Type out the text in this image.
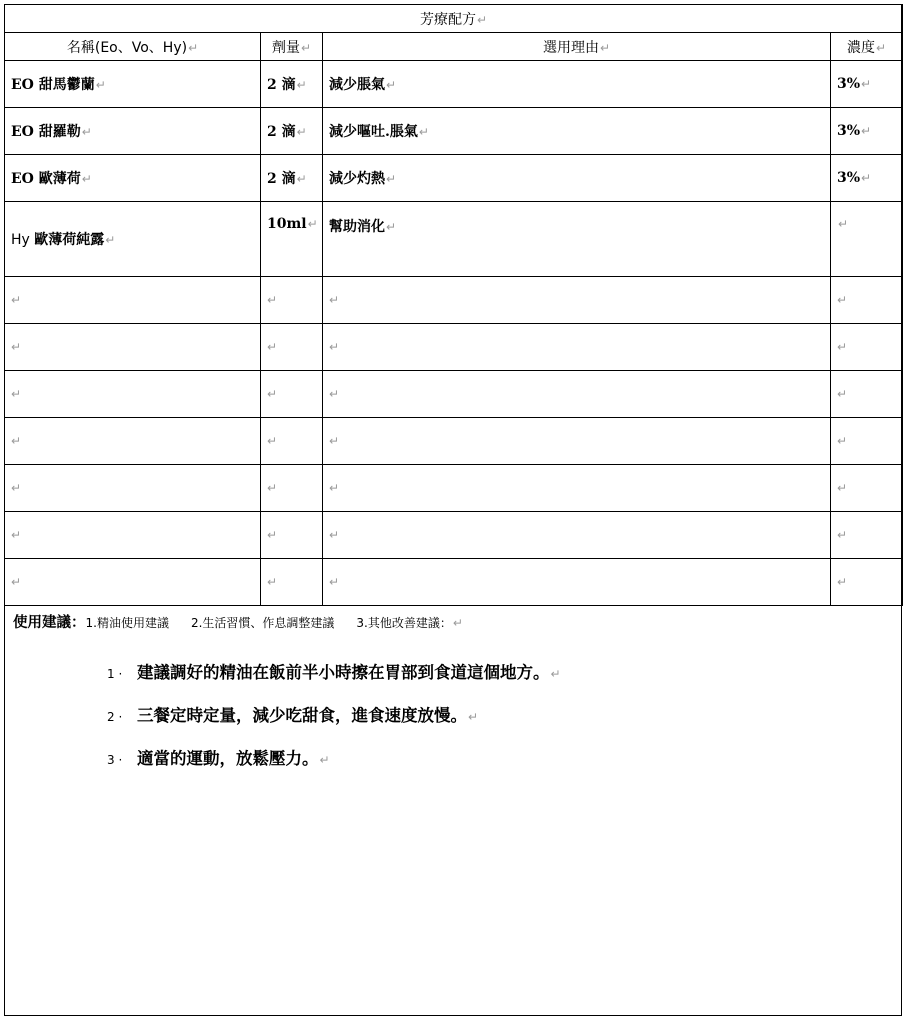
芳療配方↵			
名稱(Eo、Vo、Hy)↵	劑量↵	選用理由↵	濃度↵
EO 甜馬鬱蘭↵	2 滴↵	減少脹氣↵	3%↵
EO 甜羅勒↵	2 滴↵	減少嘔吐.脹氣↵	3%↵
EO 歐薄荷↵	2 滴↵	減少灼熱↵	3%↵
Hy 歐薄荷純露↵	10ml↵	幫助消化↵	↵
↵	↵	↵	↵
↵	↵	↵	↵
↵	↵	↵	↵
↵	↵	↵	↵
↵	↵	↵	↵
↵	↵	↵	↵
↵	↵	↵	↵
使用建議：1.精油使用建議 2.生活習慣、作息調整建議 3.其他改善建議：↵
1 · 建議調好的精油在飯前半小時擦在胃部到食道這個地方。↵
2 · 三餐定時定量，減少吃甜食，進食速度放慢。↵
3 · 適當的運動，放鬆壓力。↵
